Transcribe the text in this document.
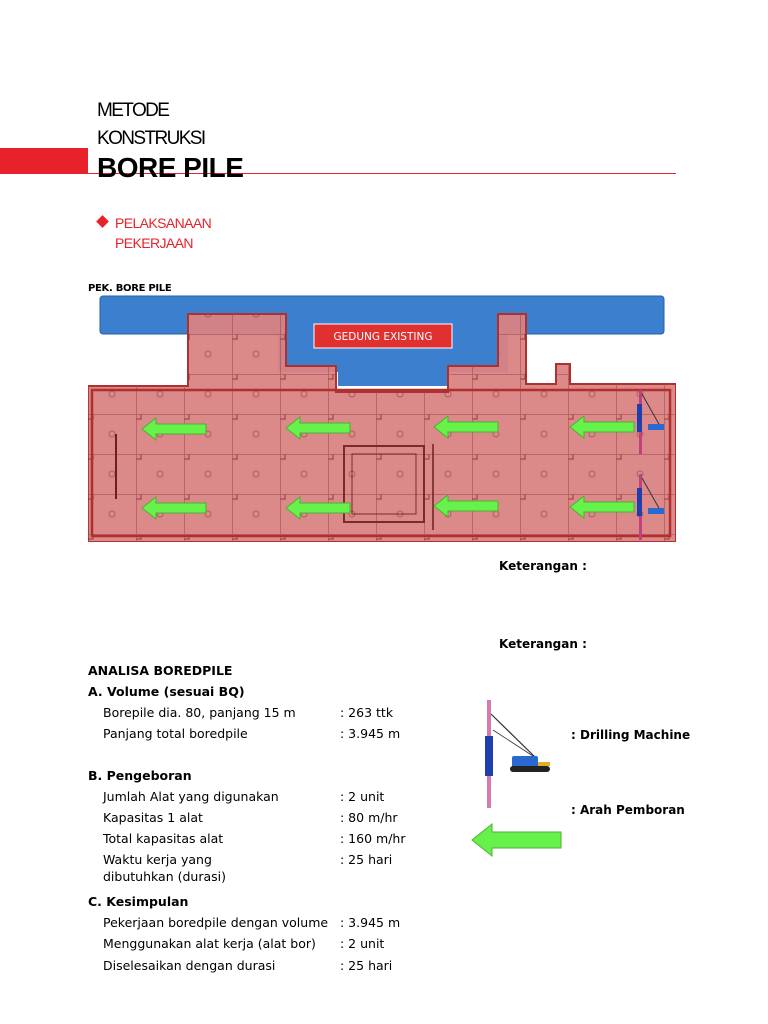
METODE
KONSTRUKSI
BORE PILE
PELAKSANAAN
PEKERJAAN
PEK. BORE PILE
GEDUNG EXISTING
Keterangan :
Keterangan :
: Drilling Machine
: Arah Pemboran
ANALISA BOREDPILE
A. Volume (sesuai BQ)
Borepile dia. 80, panjang 15 m	: 263 ttk
Panjang total boredpile	: 3.945 m
B. Pengeboran
Jumlah Alat yang digunakan	: 2 unit
Kapasitas 1 alat	: 80 m/hr
Total kapasitas alat	: 160 m/hr
Waktu kerja yang	: 25 hari
dibutuhkan (durasi)
C. Kesimpulan
Pekerjaan boredpile dengan volume : 3.945 m
Menggunakan alat kerja (alat bor) : 2 unit
Diselesaikan dengan durasi	: 25 hari
